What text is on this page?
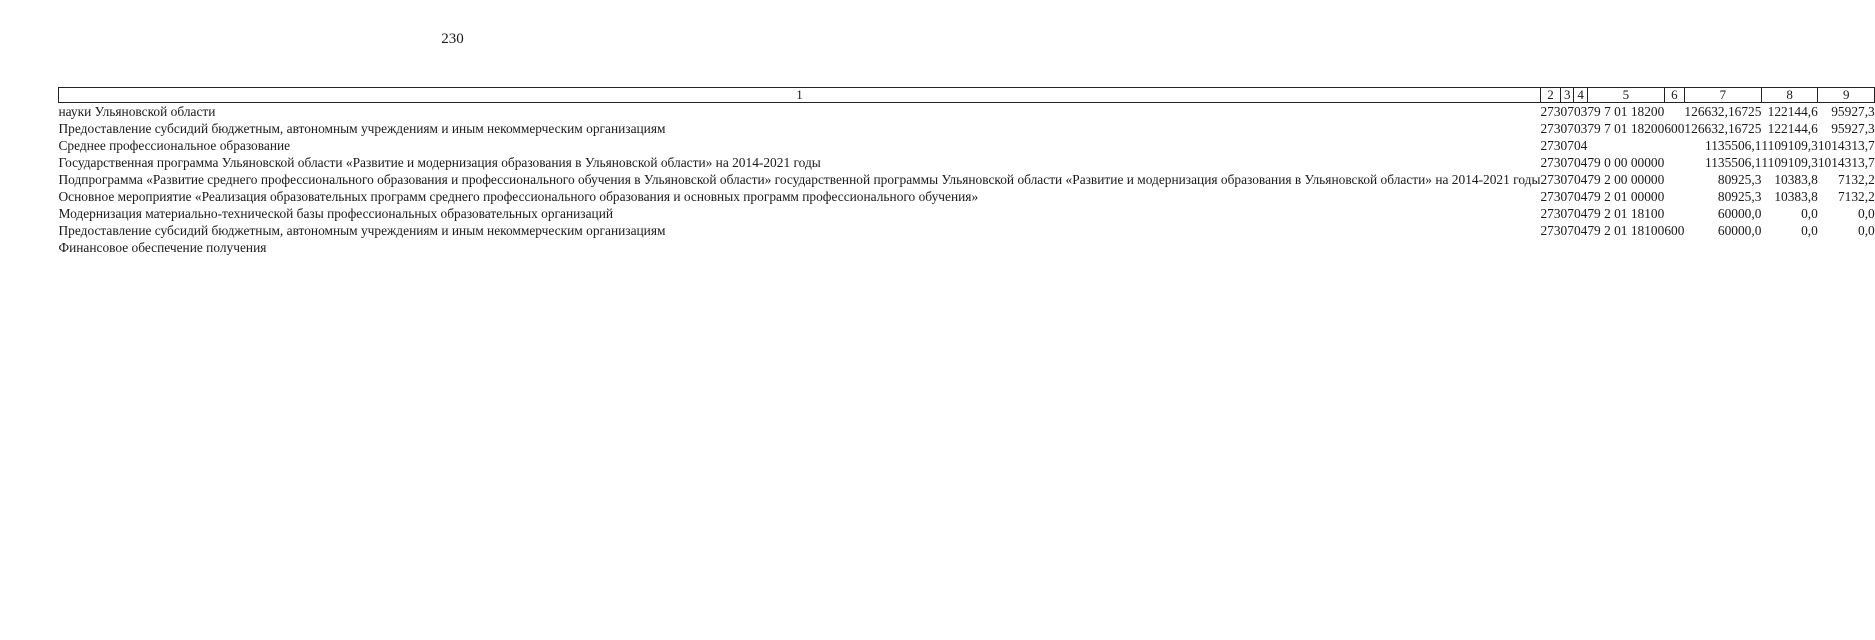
230
1	2	3	4	5	6	7	8	9
науки Ульяновской области	273	07	03	79 7 01 18200		126632,16725	122144,6	95927,3
Предоставление субсидий бюджетным, автономным учреждениям и иным некоммерческим организациям	273	07	03	79 7 01 18200	600	126632,16725	122144,6	95927,3
Среднее профессиональное образование	273	07	04			1135506,1	1109109,3	1014313,7
Государственная программа Ульяновской области «Развитие и модернизация образования в Ульяновской области» на 2014-2021 годы	273	07	04	79 0 00 00000		1135506,1	1109109,3	1014313,7
Подпрограмма «Развитие среднего профессионального образования и профессионального обучения в Ульяновской области» государственной программы Ульяновской области «Развитие и модернизация образования в Ульяновской области» на 2014-2021 годы	273	07	04	79 2 00 00000		80925,3	10383,8	7132,2
Основное мероприятие «Реализация образовательных программ среднего профессионального образования и основных программ профессионального обучения»	273	07	04	79 2 01 00000		80925,3	10383,8	7132,2
Модернизация материально-технической базы профессиональных образовательных организаций	273	07	04	79 2 01 18100		60000,0	0,0	0,0
Предоставление субсидий бюджетным, автономным учреждениям и иным некоммерческим организациям	273	07	04	79 2 01 18100	600	60000,0	0,0	0,0
Финансовое обеспечение получения								
